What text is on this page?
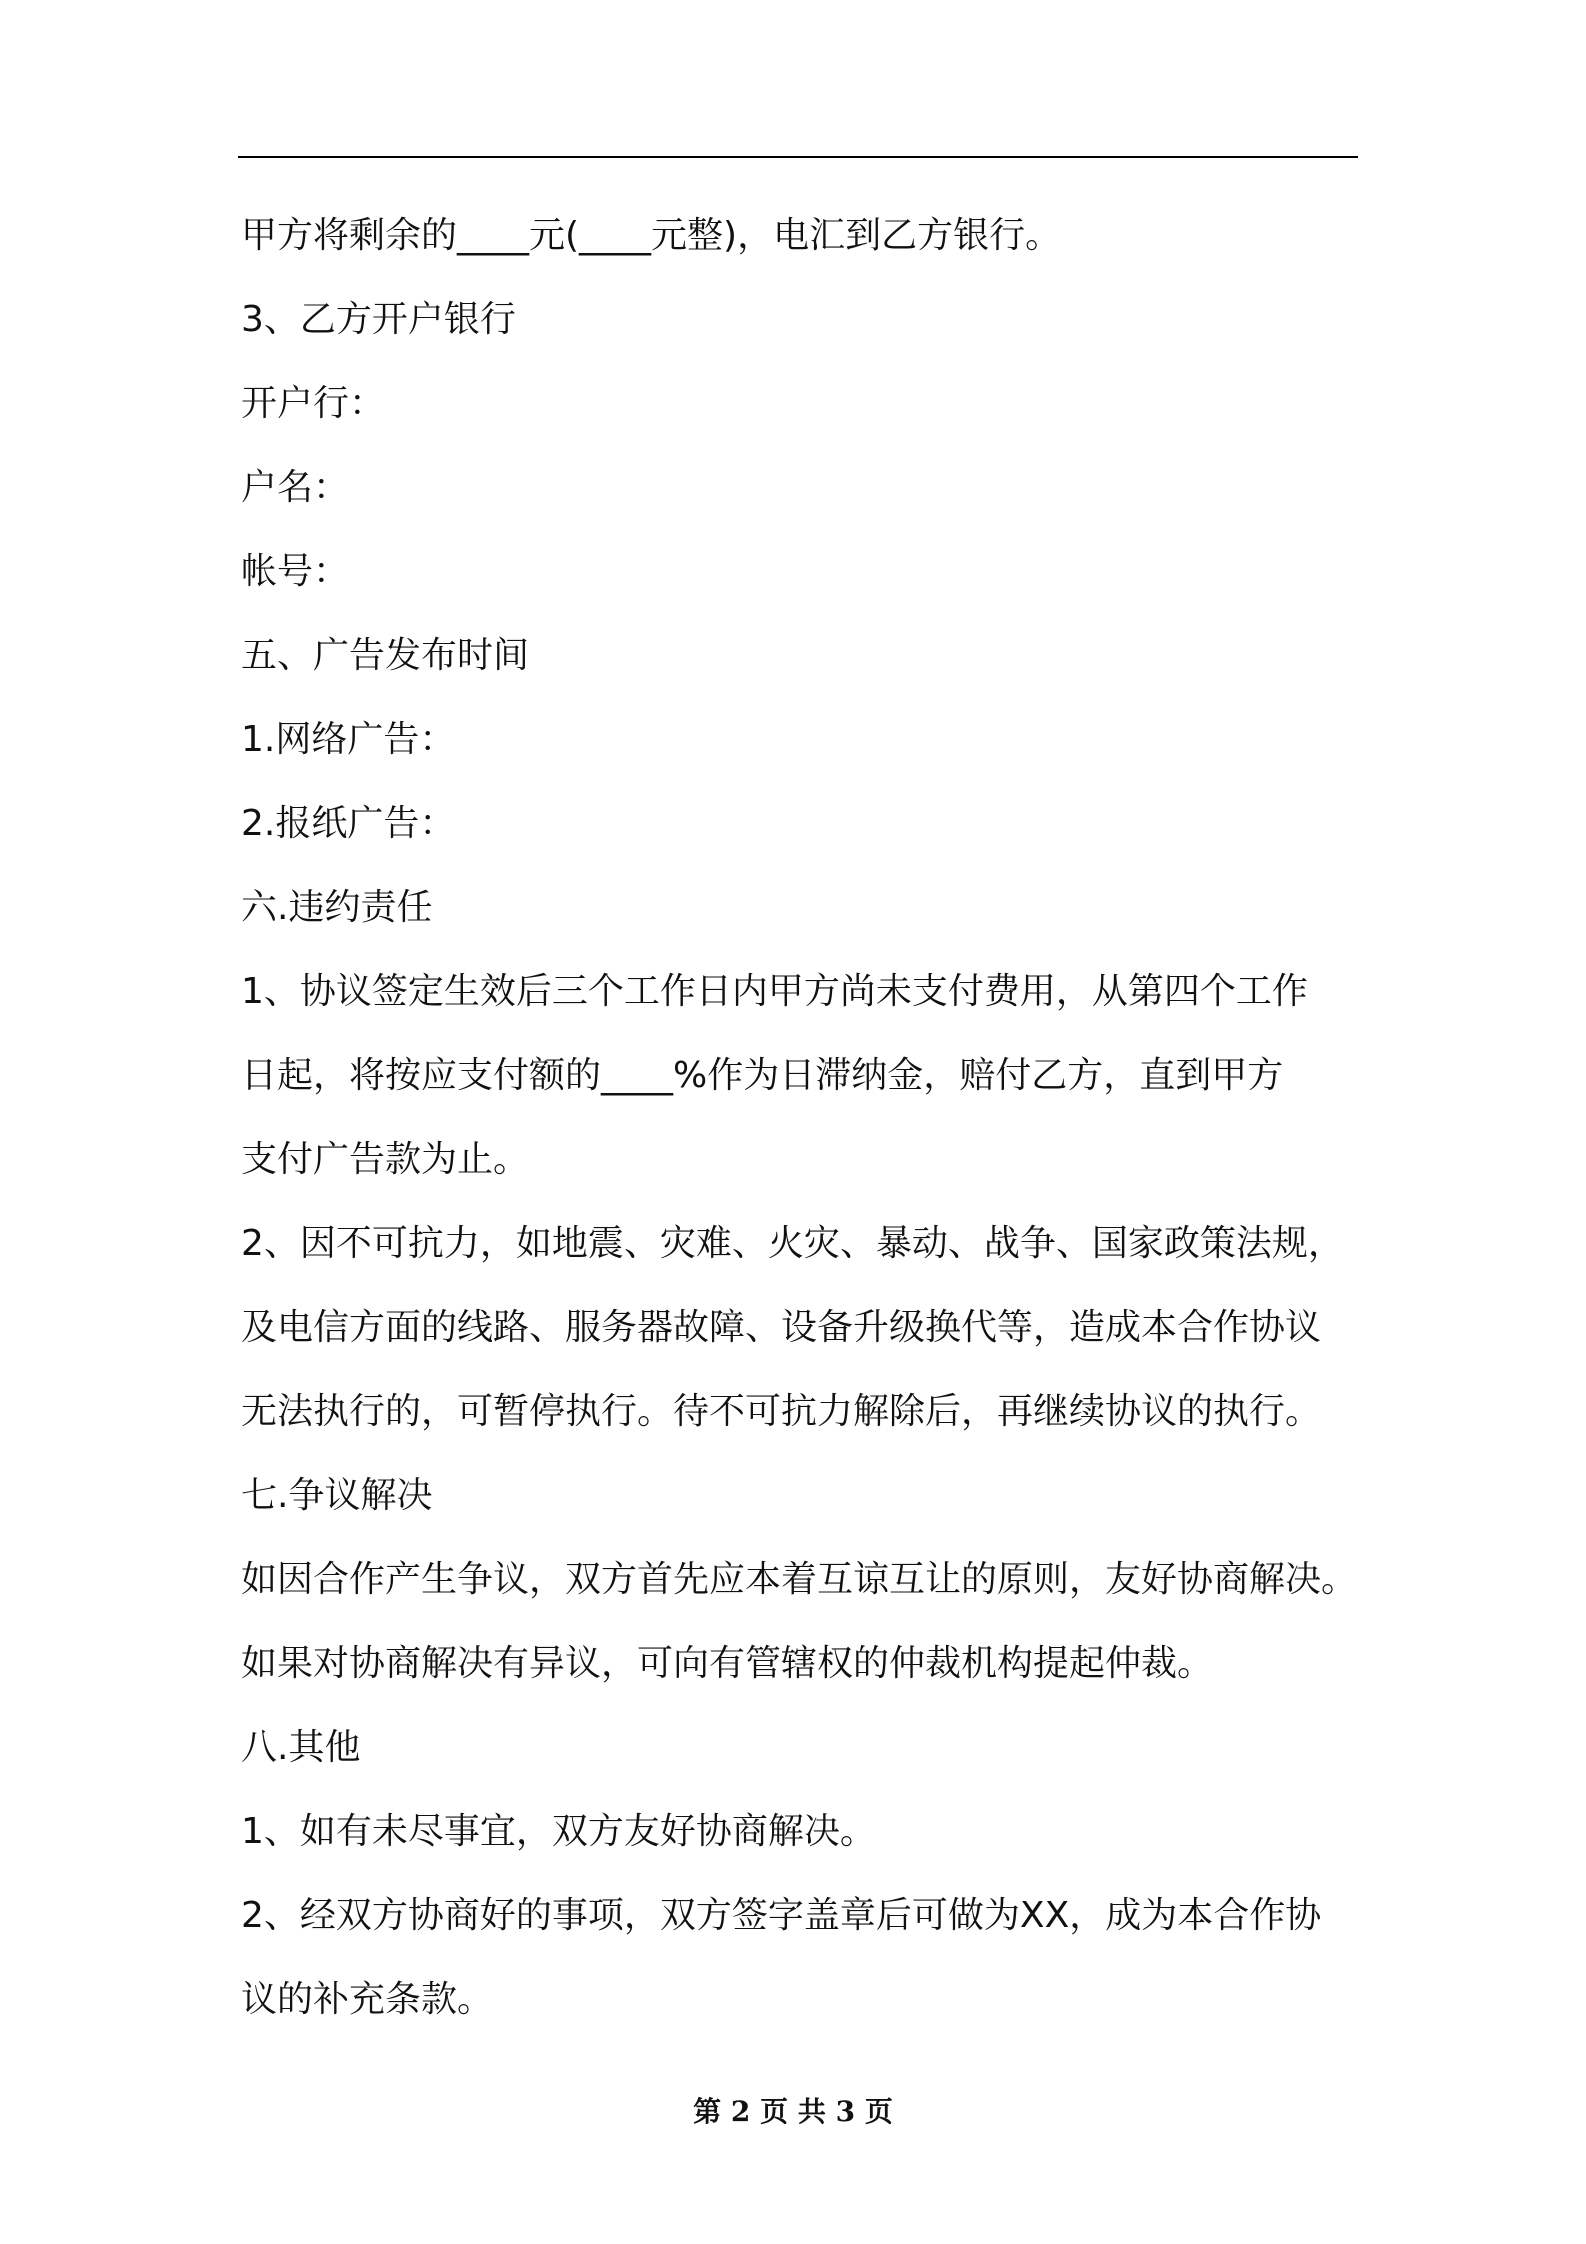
甲方将剩余的____元(____元整)，电汇到乙方银行。
3、乙方开户银行
开户行：
户名：
帐号：
五、广告发布时间
1.网络广告：
2.报纸广告：
六.违约责任
1、协议签定生效后三个工作日内甲方尚未支付费用，从第四个工作
日起，将按应支付额的____%作为日滞纳金，赔付乙方，直到甲方
支付广告款为止。
2、因不可抗力，如地震、灾难、火灾、暴动、战争、国家政策法规，
及电信方面的线路、服务器故障、设备升级换代等，造成本合作协议
无法执行的，可暂停执行。待不可抗力解除后，再继续协议的执行。
七.争议解决
如因合作产生争议，双方首先应本着互谅互让的原则，友好协商解决。
如果对协商解决有异议，可向有管辖权的仲裁机构提起仲裁。
八.其他
1、如有未尽事宜，双方友好协商解决。
2、经双方协商好的事项，双方签字盖章后可做为XX，成为本合作协
议的补充条款。
第 2 页 共 3 页
